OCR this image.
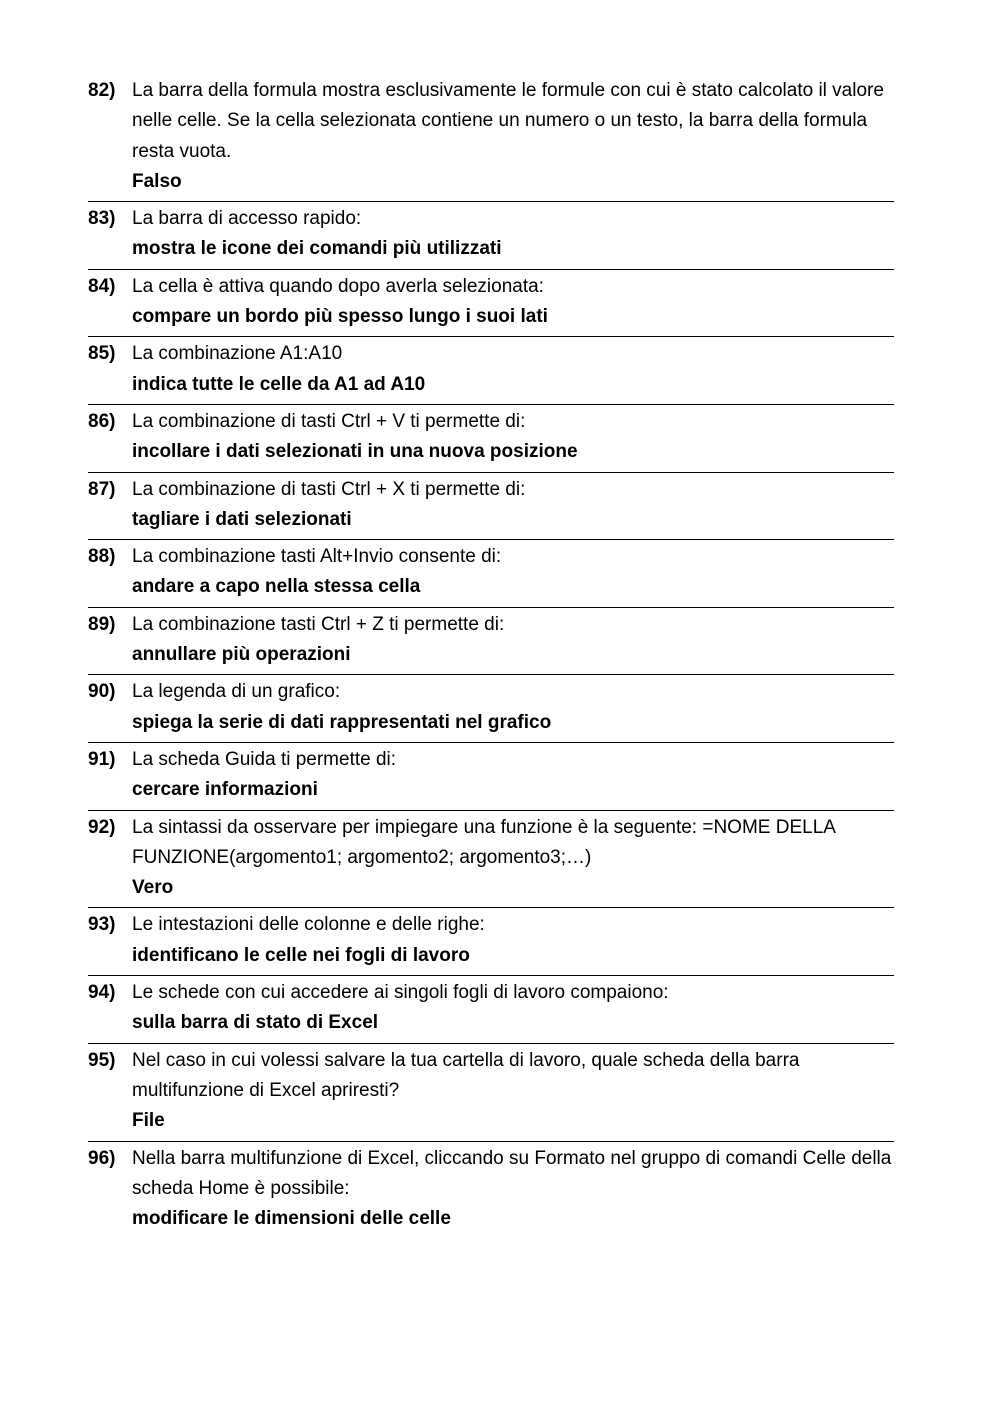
82) La barra della formula mostra esclusivamente le formule con cui è stato calcolato il valore nelle celle. Se la cella selezionata contiene un numero o un testo, la barra della formula resta vuota.
Falso
83) La barra di accesso rapido:
mostra le icone dei comandi più utilizzati
84) La cella è attiva quando dopo averla selezionata:
compare un bordo più spesso lungo i suoi lati
85) La combinazione A1:A10
indica tutte le celle da A1 ad A10
86) La combinazione di tasti Ctrl + V ti permette di:
incollare i dati selezionati in una nuova posizione
87) La combinazione di tasti Ctrl + X ti permette di:
tagliare i dati selezionati
88) La combinazione tasti Alt+Invio consente di:
andare a capo nella stessa cella
89) La combinazione tasti Ctrl + Z ti permette di:
annullare più operazioni
90) La legenda di un grafico:
spiega la serie di dati rappresentati nel grafico
91) La scheda Guida ti permette di:
cercare informazioni
92) La sintassi da osservare per impiegare una funzione è la seguente: =NOME DELLA FUNZIONE(argomento1; argomento2; argomento3;…)
Vero
93) Le intestazioni delle colonne e delle righe:
identificano le celle nei fogli di lavoro
94) Le schede con cui accedere ai singoli fogli di lavoro compaiono:
sulla barra di stato di Excel
95) Nel caso in cui volessi salvare la tua cartella di lavoro, quale scheda della barra multifunzione di Excel apriresti?
File
96) Nella barra multifunzione di Excel, cliccando su Formato nel gruppo di comandi Celle della scheda Home è possibile:
modificare le dimensioni delle celle
